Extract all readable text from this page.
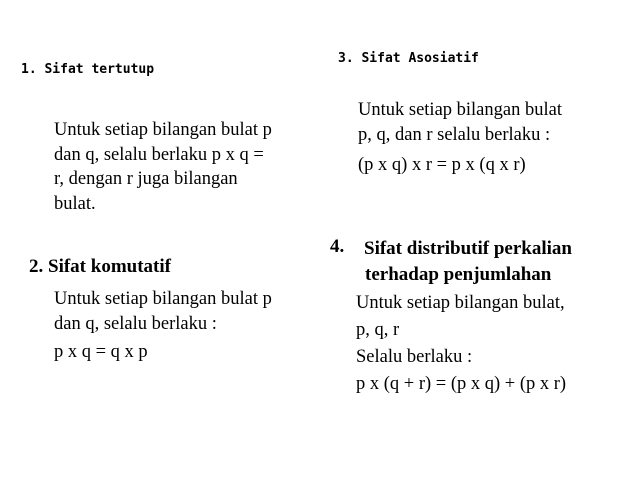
1. Sifat tertutup
Untuk setiap bilangan bulat p
dan q, selalu berlaku p x q =
r, dengan r juga bilangan
bulat.
2. Sifat komutatif
Untuk setiap bilangan bulat p
dan q, selalu berlaku :
p x q = q x p
3. Sifat Asosiatif
Untuk setiap bilangan bulat
p, q, dan r selalu berlaku :
(p x q) x r = p x (q x r)
4. Sifat distributif perkalian
terhadap penjumlahan
Untuk setiap bilangan bulat,
p, q, r
Selalu berlaku :
p x (q + r) = (p x q) + (p x r)
